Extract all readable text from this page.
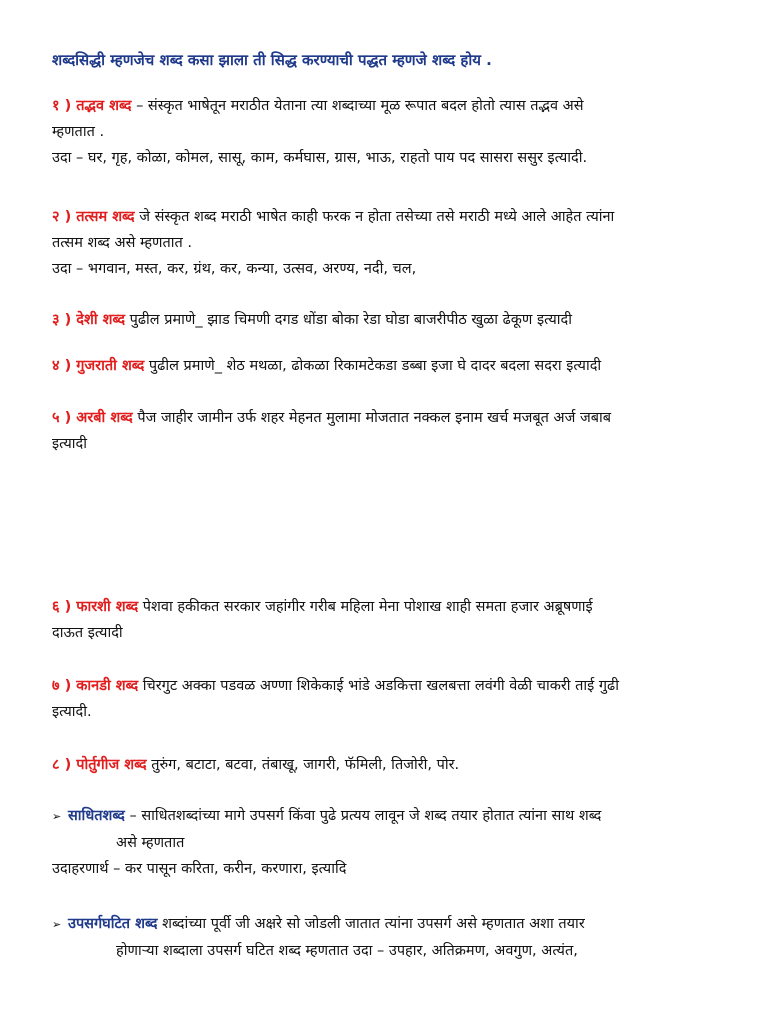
शब्दसिद्धी म्हणजेच शब्द कसा झाला ती सिद्ध करण्याची पद्धत म्हणजे शब्द होय .
१ ) तद्भव शब्द – संस्कृत भाषेतून मराठीत येताना त्या शब्दाच्या मूळ रूपात बदल होतो त्यास तद्भव असे
म्हणतात .
उदा – घर, गृह, कोळा, कोमल, सासू, काम, कर्मघास, ग्रास, भाऊ, राहतो पाय पद सासरा ससुर इत्यादी.
२ ) तत्सम शब्द जे संस्कृत शब्द मराठी भाषेत काही फरक न होता तसेच्या तसे मराठी मध्ये आले आहेत त्यांना
तत्सम शब्द असे म्हणतात .
उदा – भगवान, मस्त, कर, ग्रंथ, कर, कन्या, उत्सव, अरण्य, नदी, चल,
३ ) देशी शब्द पुढील प्रमाणे_ झाड चिमणी दगड धोंडा बोका रेडा घोडा बाजरीपीठ खुळा ढेकूण इत्यादी
४ ) गुजराती शब्द पुढील प्रमाणे_ शेठ मथळा, ढोकळा रिकामटेकडा डब्बा इजा घे दादर बदला सदरा इत्यादी
५ ) अरबी शब्द पैज जाहीर जामीन उर्फ शहर मेहनत मुलामा मोजतात नक्कल इनाम खर्च मजबूत अर्ज जबाब
इत्यादी
६ ) फारशी शब्द पेशवा हकीकत सरकार जहांगीर गरीब महिला मेना पोशाख शाही समता हजार अब्रूषणाई
दाऊत इत्यादी
७ ) कानडी शब्द चिरगुट अक्का पडवळ अण्णा शिकेकाई भांडे अडकित्ता खलबत्ता लवंगी वेळी चाकरी ताई गुढी
इत्यादी.
८ ) पोर्तुगीज शब्द तुरुंग, बटाटा, बटवा, तंबाखू, जागरी, फॅमिली, तिजोरी, पोर.
➢ साधितशब्द – साधितशब्दांच्या मागे उपसर्ग किंवा पुढे प्रत्यय लावून जे शब्द तयार होतात त्यांना साथ शब्द
असे म्हणतात
उदाहरणार्थ – कर पासून करिता, करीन, करणारा, इत्यादि
➢ उपसर्गघटित शब्द शब्दांच्या पूर्वी जी अक्षरे सो जोडली जातात त्यांना उपसर्ग असे म्हणतात अशा तयार
होणाऱ्या शब्दाला उपसर्ग घटित शब्द म्हणतात उदा – उपहार, अतिक्रमण, अवगुण, अत्यंत,
